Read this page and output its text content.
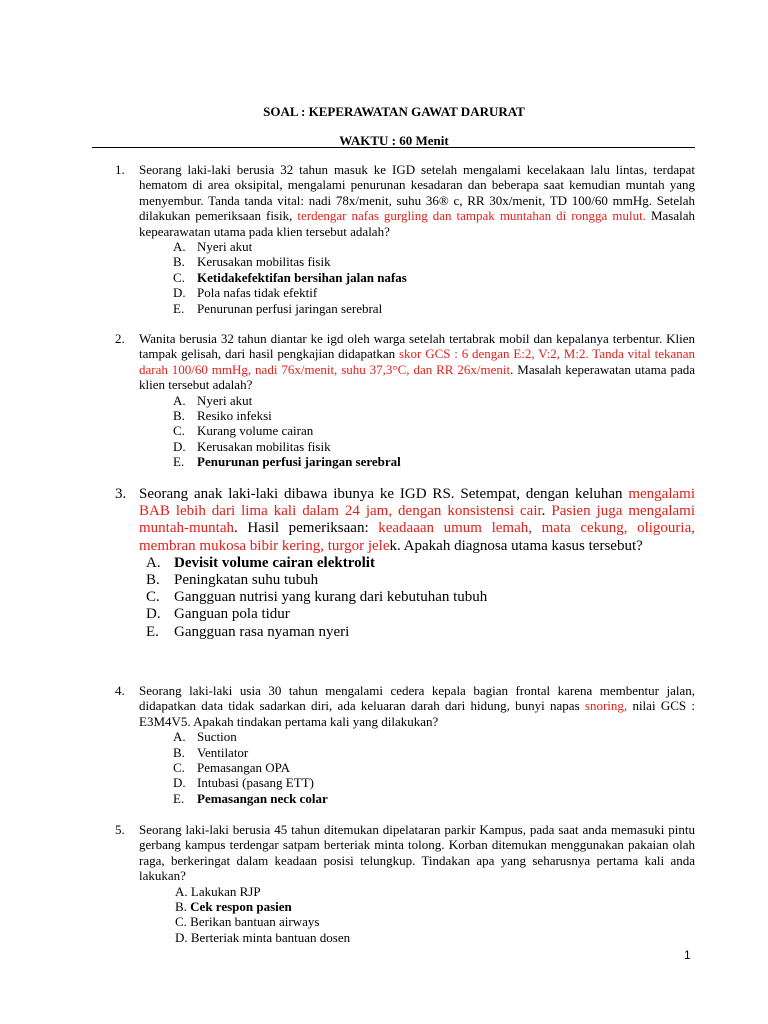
SOAL : KEPERAWATAN GAWAT DARURAT
WAKTU : 60 Menit
1. Seorang laki-laki berusia 32 tahun masuk ke IGD setelah mengalami kecelakaan lalu lintas, terdapat hematom di area oksipital, mengalami penurunan kesadaran dan beberapa saat kemudian muntah yang menyembur. Tanda tanda vital: nadi 78x/menit, suhu 36® c, RR 30x/menit, TD 100/60 mmHg. Setelah dilakukan pemeriksaan fisik, terdengar nafas gurgling dan tampak muntahan di rongga mulut. Masalah kepearawatan utama pada klien tersebut adalah?
A. Nyeri akut
B. Kerusakan mobilitas fisik
C. Ketidakefektifan bersihan jalan nafas
D. Pola nafas tidak efektif
E. Penurunan perfusi jaringan serebral
2. Wanita berusia 32 tahun diantar ke igd oleh warga setelah tertabrak mobil dan kepalanya terbentur. Klien tampak gelisah, dari hasil pengkajian didapatkan skor GCS : 6 dengan E:2, V:2, M:2. Tanda vital tekanan darah 100/60 mmHg, nadi 76x/menit, suhu 37,3°C, dan RR 26x/menit. Masalah keperawatan utama pada klien tersebut adalah?
A. Nyeri akut
B. Resiko infeksi
C. Kurang volume cairan
D. Kerusakan mobilitas fisik
E. Penurunan perfusi jaringan serebral
3. Seorang anak laki-laki dibawa ibunya ke IGD RS. Setempat, dengan keluhan mengalami BAB lebih dari lima kali dalam 24 jam, dengan konsistensi cair. Pasien juga mengalami muntah-muntah. Hasil pemeriksaan: keadaaan umum lemah, mata cekung, oligouria, membran mukosa bibir kering, turgor jelek. Apakah diagnosa utama kasus tersebut?
A. Devisit volume cairan elektrolit
B. Peningkatan suhu tubuh
C. Gangguan nutrisi yang kurang dari kebutuhan tubuh
D. Ganguan pola tidur
E. Gangguan rasa nyaman nyeri
4. Seorang laki-laki usia 30 tahun mengalami cedera kepala bagian frontal karena membentur jalan, didapatkan data tidak sadarkan diri, ada keluaran darah dari hidung, bunyi napas snoring, nilai GCS : E3M4V5. Apakah tindakan pertama kali yang dilakukan?
A. Suction
B. Ventilator
C. Pemasangan OPA
D. Intubasi (pasang ETT)
E. Pemasangan neck colar
5. Seorang laki-laki berusia 45 tahun ditemukan dipelataran parkir Kampus, pada saat anda memasuki pintu gerbang kampus terdengar satpam berteriak minta tolong. Korban ditemukan menggunakan pakaian olah raga, berkeringat dalam keadaan posisi telungkup. Tindakan apa yang seharusnya pertama kali anda lakukan?
A. Lakukan RJP
B. Cek respon pasien
C. Berikan bantuan airways
D. Berteriak minta bantuan dosen
1
